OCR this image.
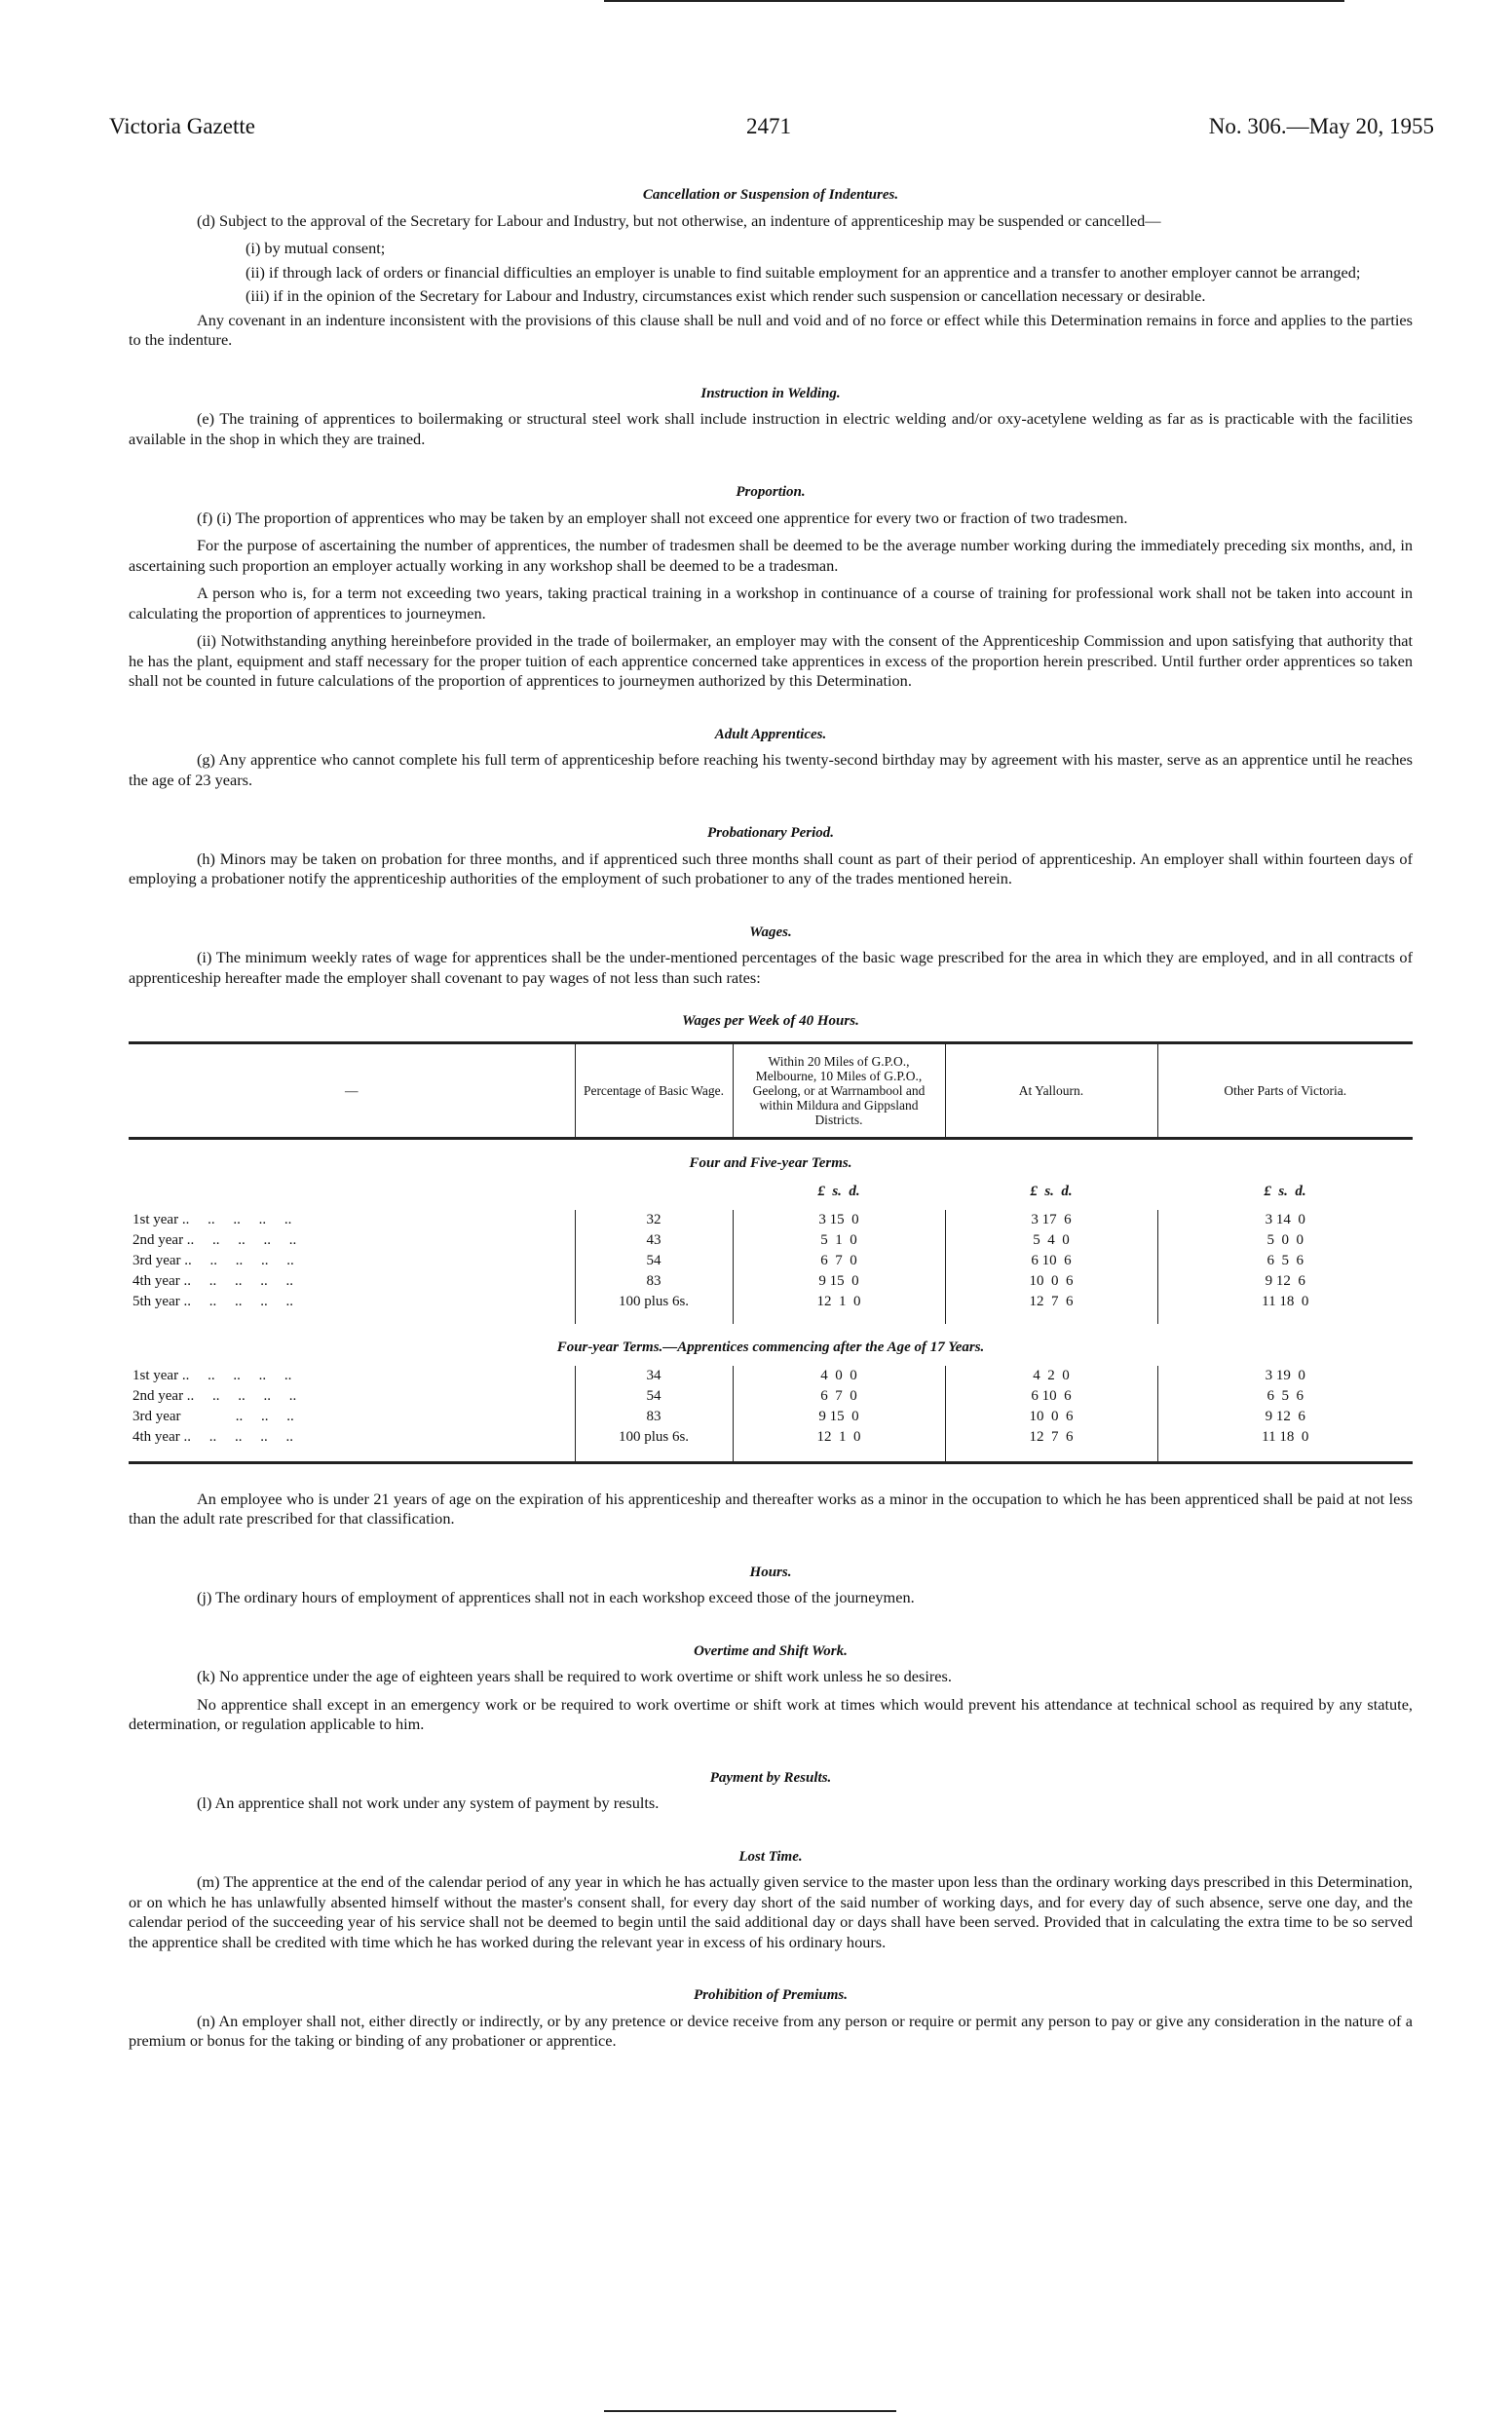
Victoria Gazette	2471	No. 306.—May 20, 1955
Cancellation or Suspension of Indentures.

(d) Subject to the approval of the Secretary for Labour and Industry, but not otherwise, an indenture of apprenticeship may be suspended or cancelled—

(i) by mutual consent;
(ii) if through lack of orders or financial difficulties an employer is unable to find suitable employment for an apprentice and a transfer to another employer cannot be arranged;
(iii) if in the opinion of the Secretary for Labour and Industry, circumstances exist which render such suspension or cancellation necessary or desirable.

Any covenant in an indenture inconsistent with the provisions of this clause shall be null and void and of no force or effect while this Determination remains in force and applies to the parties to the indenture.

Instruction in Welding.

(e) The training of apprentices to boilermaking or structural steel work shall include instruction in electric welding and/or oxy-acetylene welding as far as is practicable with the facilities available in the shop in which they are trained.

Proportion.

(f) (i) The proportion of apprentices who may be taken by an employer shall not exceed one apprentice for every two or fraction of two tradesmen.

For the purpose of ascertaining the number of apprentices, the number of tradesmen shall be deemed to be the average number working during the immediately preceding six months, and, in ascertaining such proportion an employer actually working in any workshop shall be deemed to be a tradesman.

A person who is, for a term not exceeding two years, taking practical training in a workshop in continuance of a course of training for professional work shall not be taken into account in calculating the proportion of apprentices to journeymen.

(ii) Notwithstanding anything hereinbefore provided in the trade of boilermaker, an employer may with the consent of the Apprenticeship Commission and upon satisfying that authority that he has the plant, equipment and staff necessary for the proper tuition of each apprentice concerned take apprentices in excess of the proportion herein prescribed. Until further order apprentices so taken shall not be counted in future calculations of the proportion of apprentices to journeymen authorized by this Determination.

Adult Apprentices.

(g) Any apprentice who cannot complete his full term of apprenticeship before reaching his twenty-second birthday may by agreement with his master, serve as an apprentice until he reaches the age of 23 years.

Probationary Period.

(h) Minors may be taken on probation for three months, and if apprenticed such three months shall count as part of their period of apprenticeship. An employer shall within fourteen days of employing a probationer notify the apprenticeship authorities of the employment of such probationer to any of the trades mentioned herein.

Wages.

(i) The minimum weekly rates of wage for apprentices shall be the under-mentioned percentages of the basic wage prescribed for the area in which they are employed, and in all contracts of apprenticeship hereafter made the employer shall covenant to pay wages of not less than such rates:

Wages per Week of 40 Hours.
—	Percentage of Basic Wage.	Within 20 Miles of G.P.O., Melbourne, 10 Miles of G.P.O., Geelong, or at Warrnambool and within Mildura and Gippsland Districts.	At Yallourn.	Other Parts of Victoria.
Four and Five-year Terms.				
		£  s.  d.	£  s.  d.	£  s.  d.
1st year ..     ..     ..     ..     ..	32	3 15  0	3 17  6	3 14  0
2nd year ..     ..     ..     ..     ..	43	5  1  0	5  4  0	5  0  0
3rd year ..     ..     ..     ..     ..	54	6  7  0	6 10  6	6  5  6
4th year ..     ..     ..     ..     ..	83	9 15  0	10  0  6	9 12  6
5th year ..     ..     ..     ..     ..	100 plus 6s.	12  1  0	12  7  6	11 18  0

Four-year Terms.—Apprentices commencing after the Age of 17 Years.				
1st year ..     ..     ..     ..     ..	34	4  0  0	4  2  0	3 19  0
2nd year ..     ..     ..     ..     ..	54	6  7  0	6 10  6	6  5  6
3rd year               ..     ..     ..	83	9 15  0	10  0  6	9 12  6
4th year ..     ..     ..     ..     ..	100 plus 6s.	12  1  0	12  7  6	11 18  0

An employee who is under 21 years of age on the expiration of his apprenticeship and thereafter works as a minor in the occupation to which he has been apprenticed shall be paid at not less than the adult rate prescribed for that classification.

Hours.

(j) The ordinary hours of employment of apprentices shall not in each workshop exceed those of the journeymen.

Overtime and Shift Work.

(k) No apprentice under the age of eighteen years shall be required to work overtime or shift work unless he so desires.

No apprentice shall except in an emergency work or be required to work overtime or shift work at times which would prevent his attendance at technical school as required by any statute, determination, or regulation applicable to him.

Payment by Results.

(l) An apprentice shall not work under any system of payment by results.

Lost Time.

(m) The apprentice at the end of the calendar period of any year in which he has actually given service to the master upon less than the ordinary working days prescribed in this Determination, or on which he has unlawfully absented himself without the master's consent shall, for every day short of the said number of working days, and for every day of such absence, serve one day, and the calendar period of the succeeding year of his service shall not be deemed to begin until the said additional day or days shall have been served. Provided that in calculating the extra time to be so served the apprentice shall be credited with time which he has worked during the relevant year in excess of his ordinary hours.

Prohibition of Premiums.

(n) An employer shall not, either directly or indirectly, or by any pretence or device receive from any person or require or permit any person to pay or give any consideration in the nature of a premium or bonus for the taking or binding of any probationer or apprentice.
